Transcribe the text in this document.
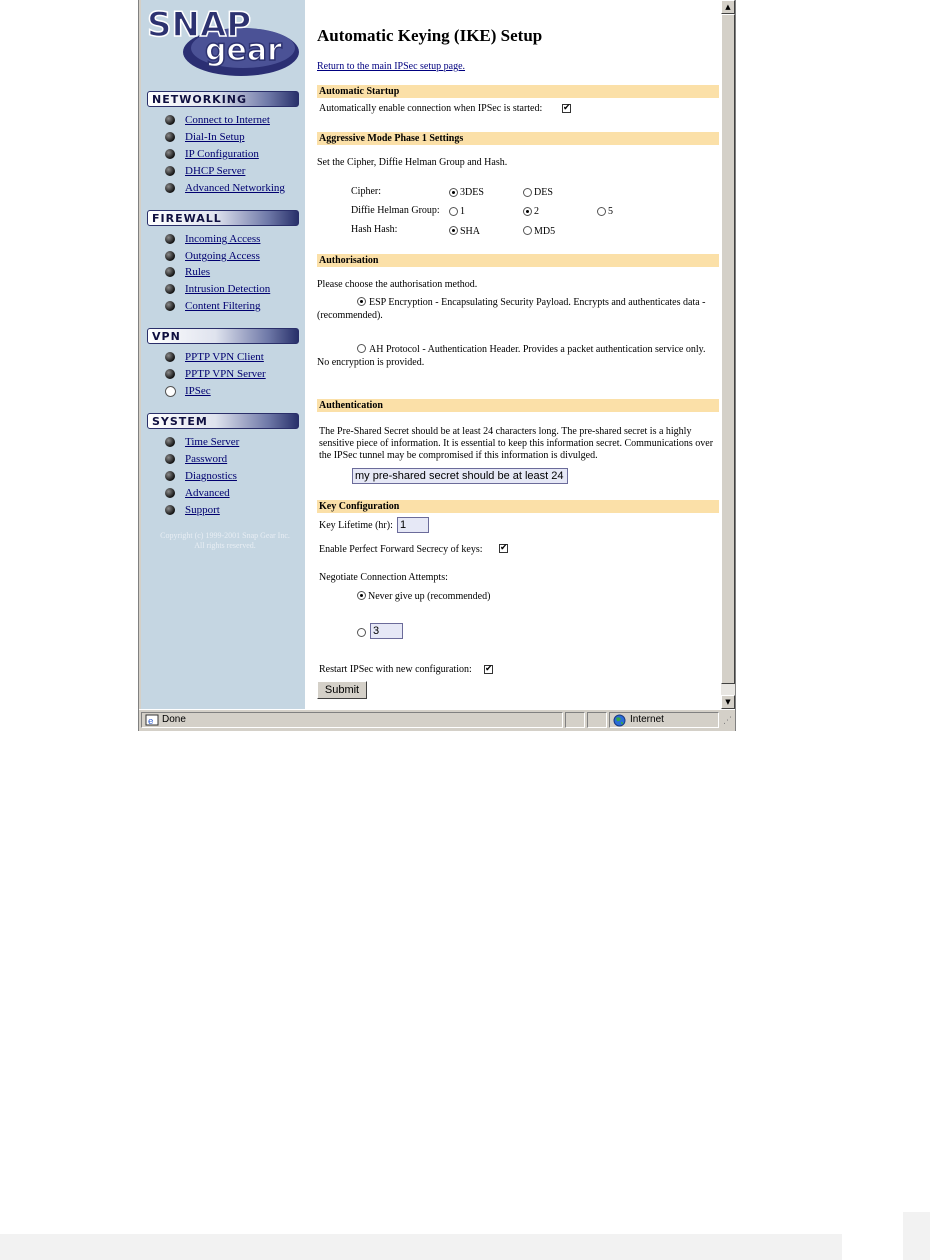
SNAP
gear
NETWORKING
Connect to Internet
Dial-In Setup
IP Configuration
DHCP Server
Advanced Networking
FIREWALL
Incoming Access
Outgoing Access
Rules
Intrusion Detection
Content Filtering
VPN
PPTP VPN Client
PPTP VPN Server
IPSec
SYSTEM
Time Server
Password
Diagnostics
Advanced
Support
Copyright (c) 1999-2001 Snap Gear Inc.
All rights reserved.
Automatic Keying (IKE) Setup
Return to the main IPSec setup page.
Automatic Startup
Automatically enable connection when IPSec is started:
✔
Aggressive Mode Phase 1 Settings
Set the Cipher, Diffie Helman Group and Hash.
Cipher:	3DES	DES
Diffie Helman Group: 1	2	5
Hash Hash:	SHA	MD5
Authorisation
Please choose the authorisation method.
ESP Encryption - Encapsulating Security Payload. Encrypts and authenticates data - (recommended).
AH Protocol - Authentication Header. Provides a packet authentication service only. No encryption is provided.
Authentication
The Pre-Shared Secret should be at least 24 characters long. The pre-shared secret is a highly sensitive piece of information. It is essential to keep this information secret. Communications over the IPSec tunnel may be compromised if this information is divulged.
my pre-shared secret should be at least 24 cl
Key Configuration
Key Lifetime (hr):
1
Enable Perfect Forward Secrecy of keys:
✔
Negotiate Connection Attempts:
Never give up (recommended)
3
Restart IPSec with new configuration:
✔
Submit
▲
▼
e Done	Internet	⋰
